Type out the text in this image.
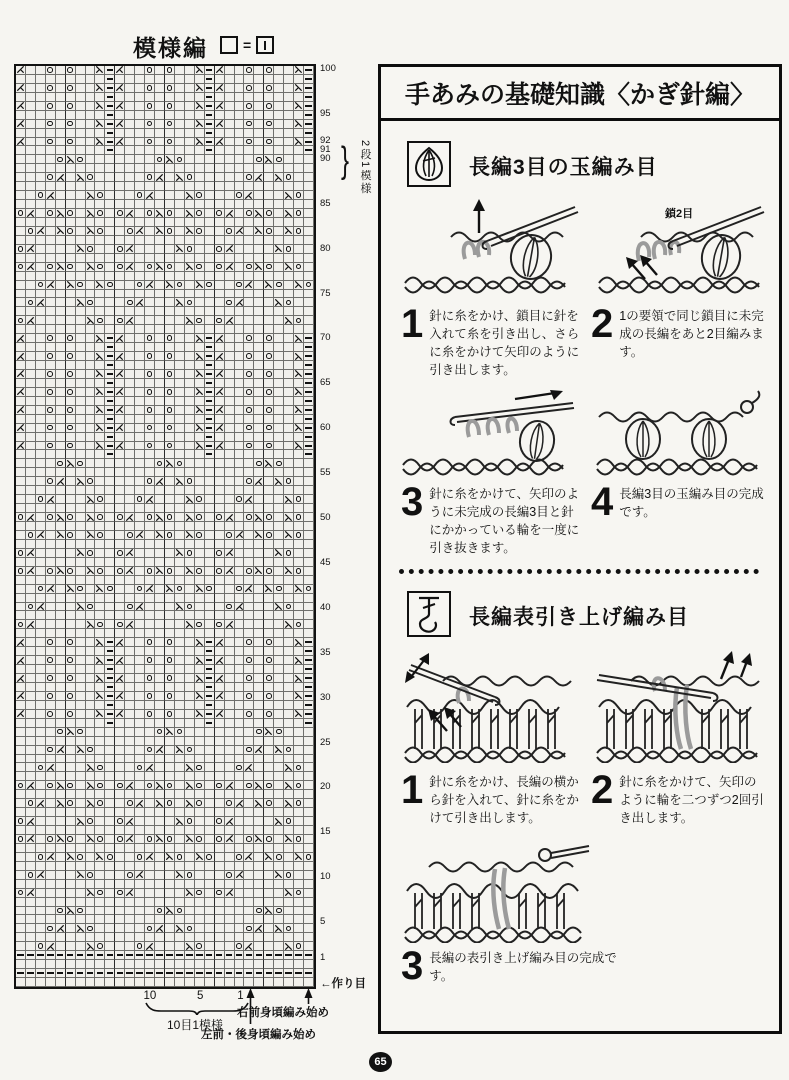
模様編	=
100
95
92
91
90
85
80
75
70
65
60
55
50
45
40
35
30
25
20
15
10
5
1
} 2段1模様
10	5	1
10目1模様
右前身頃編み始め
左前・後身頃編み始め
←作り目
65
手あみの基礎知識〈かぎ針編〉
長編3目の玉編み目
鎖2目
1 針に糸をかけ、鎖目に針を入れて糸を引き出し、さらに糸をかけて矢印のように引き出します。
2 1の要領で同じ鎖目に未完成の長編をあと2目編みます。
3 針に糸をかけて、矢印のように未完成の長編3目と針にかかっている輪を一度に引き抜きます。
4 長編3目の玉編み目の完成です。
長編表引き上げ編み目
1 針に糸をかけ、長編の横から針を入れて、針に糸をかけて引き出します。
2 針に糸をかけて、矢印のように輪を二つずつ2回引き出します。
3 長編の表引き上げ編み目の完成です。
